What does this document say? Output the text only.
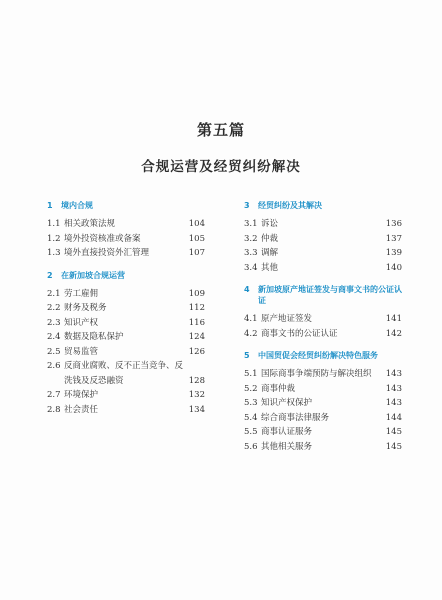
第五篇
合规运营及经贸纠纷解决
1	境内合规
1.1 相关政策法规	104
1.2 境外投资核准或备案	105
1.3 境外直接投资外汇管理	107
2	在新加坡合规运营
2.1 劳工雇佣	109
2.2 财务及税务	112
2.3 知识产权	116
2.4 数据及隐私保护	124
2.5 贸易监管	126
2.6 反商业腐败、反不正当竞争、反洗钱及反恐融资	128
2.7 环境保护	132
2.8 社会责任	134
3	经贸纠纷及其解决
3.1 诉讼	136
3.2 仲裁	137
3.3 调解	139
3.4 其他	140
4	新加坡原产地证签发与商事文书的公证认证
4.1 原产地证签发	141
4.2 商事文书的公证认证	142
5	中国贸促会经贸纠纷解决特色服务
5.1 国际商事争端预防与解决组织	143
5.2 商事仲裁	143
5.3 知识产权保护	143
5.4 综合商事法律服务	144
5.5 商事认证服务	145
5.6 其他相关服务	145
